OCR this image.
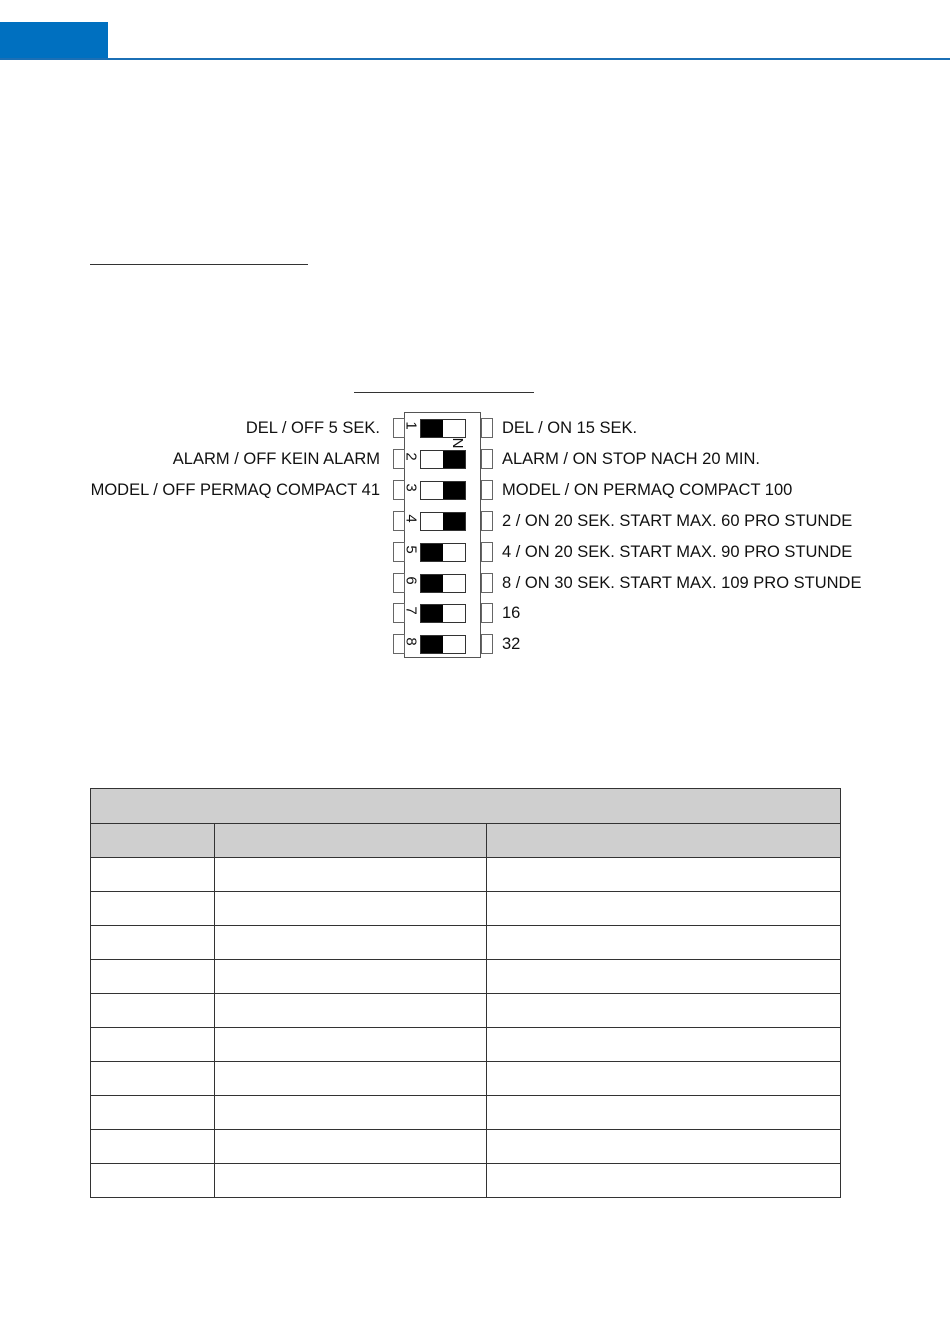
1
DEL / OFF 5 SEK.	DEL / ON 15 SEK.
2
ALARM / OFF KEIN ALARM	ALARM / ON STOP NACH 20 MIN.
3
MODEL / OFF PERMAQ COMPACT 41	MODEL / ON PERMAQ COMPACT 100
4	2 / ON 20 SEK. START MAX. 60 PRO STUNDE
5	4 / ON 20 SEK. START MAX. 90 PRO STUNDE
6	8 / ON 30 SEK. START MAX. 109 PRO STUNDE
7	16
8	32
